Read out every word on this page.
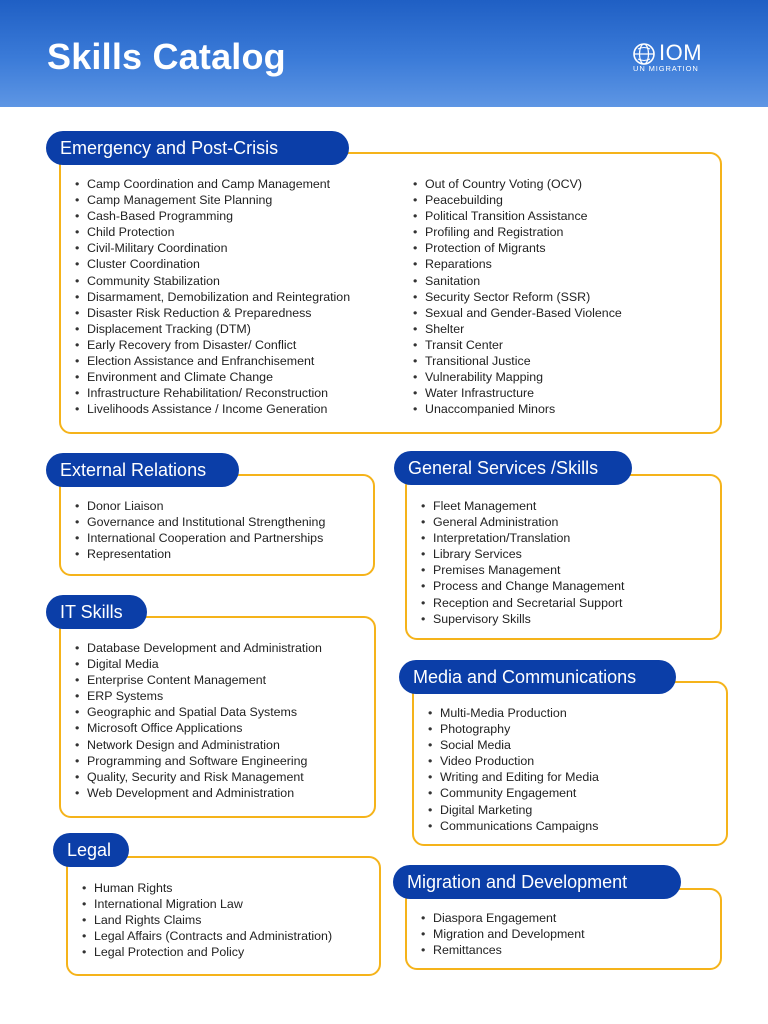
Skills Catalog	IOM
UN MIGRATION
• Camp Coordination and Camp Management
• Camp Management Site Planning
• Cash-Based Programming
• Child Protection
• Civil-Military Coordination
• Cluster Coordination
• Community Stabilization
• Disarmament, Demobilization and Reintegration
• Disaster Risk Reduction & Preparedness
• Displacement Tracking (DTM)
• Early Recovery from Disaster/ Conflict
• Election Assistance and Enfranchisement
• Environment and Climate Change
• Infrastructure Rehabilitation/ Reconstruction
• Livelihoods Assistance / Income Generation
• Out of Country Voting (OCV)
• Peacebuilding
• Political Transition Assistance
• Profiling and Registration
• Protection of Migrants
• Reparations
• Sanitation
• Security Sector Reform (SSR)
• Sexual and Gender-Based Violence
• Shelter
• Transit Center
• Transitional Justice
• Vulnerability Mapping
• Water Infrastructure
• Unaccompanied Minors
Emergency and Post-Crisis
• Donor Liaison
• Governance and Institutional Strengthening
• International Cooperation and Partnerships
• Representation
External Relations
• Fleet Management
• General Administration
• Interpretation/Translation
• Library Services
• Premises Management
• Process and Change Management
• Reception and Secretarial Support
• Supervisory Skills
General Services /Skills
• Database Development and Administration
• Digital Media
• Enterprise Content Management
• ERP Systems
• Geographic and Spatial Data Systems
• Microsoft Office Applications
• Network Design and Administration
• Programming and Software Engineering
• Quality, Security and Risk Management
• Web Development and Administration
IT Skills
• Multi-Media Production
• Photography
• Social Media
• Video Production
• Writing and Editing for Media
• Community Engagement
• Digital Marketing
• Communications Campaigns
Media and Communications
• Human Rights
• International Migration Law
• Land Rights Claims
• Legal Affairs (Contracts and Administration)
• Legal Protection and Policy
Legal
• Diaspora Engagement
• Migration and Development
• Remittances
Migration and Development
